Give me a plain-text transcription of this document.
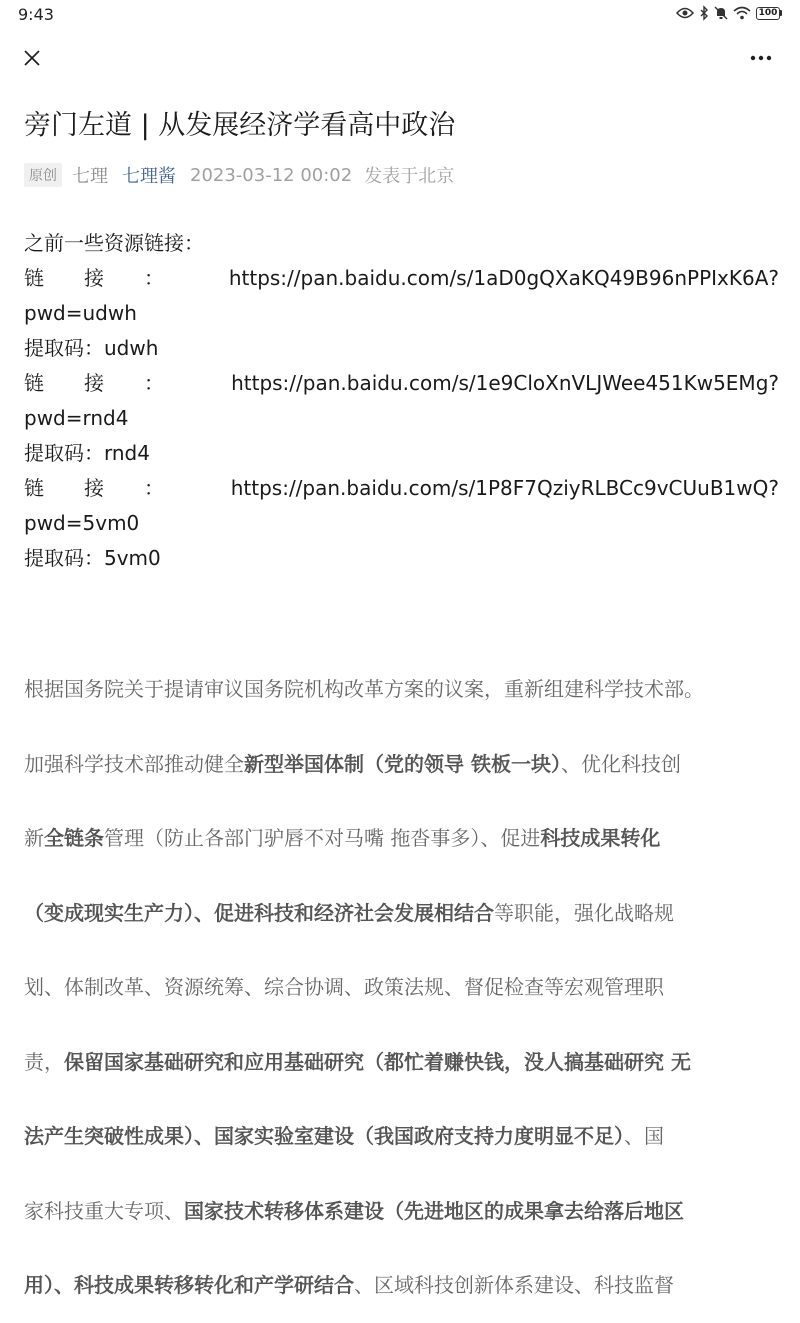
9:43	100
旁门左道 | 从发展经济学看高中政治
原创 七理 七理酱 2023-03-12 00:02 发表于北京
之前一些资源链接：
链 接 ：	https://pan.baidu.com/s/1aD0gQXaKQ49B96nPPIxK6A?
pwd=udwh
提取码：udwh
链 接 ：	https://pan.baidu.com/s/1e9CloXnVLJWee451Kw5EMg?
pwd=rnd4
提取码：rnd4
链 接 ：	https://pan.baidu.com/s/1P8F7QziyRLBCc9vCUuB1wQ?
pwd=5vm0
提取码：5vm0
根据国务院关于提请审议国务院机构改革方案的议案，重新组建科学技术部。
加强科学技术部推动健全新型举国体制（党的领导 铁板一块）、优化科技创
新全链条管理（防止各部门驴唇不对马嘴 拖沓事多）、促进科技成果转化
（变成现实生产力）、促进科技和经济社会发展相结合等职能，强化战略规
划、体制改革、资源统筹、综合协调、政策法规、督促检查等宏观管理职
责，保留国家基础研究和应用基础研究（都忙着赚快钱，没人搞基础研究 无
法产生突破性成果）、国家实验室建设（我国政府支持力度明显不足）、国
家科技重大专项、国家技术转移体系建设（先进地区的成果拿去给落后地区
用）、科技成果转移转化和产学研结合、区域科技创新体系建设、科技监督
